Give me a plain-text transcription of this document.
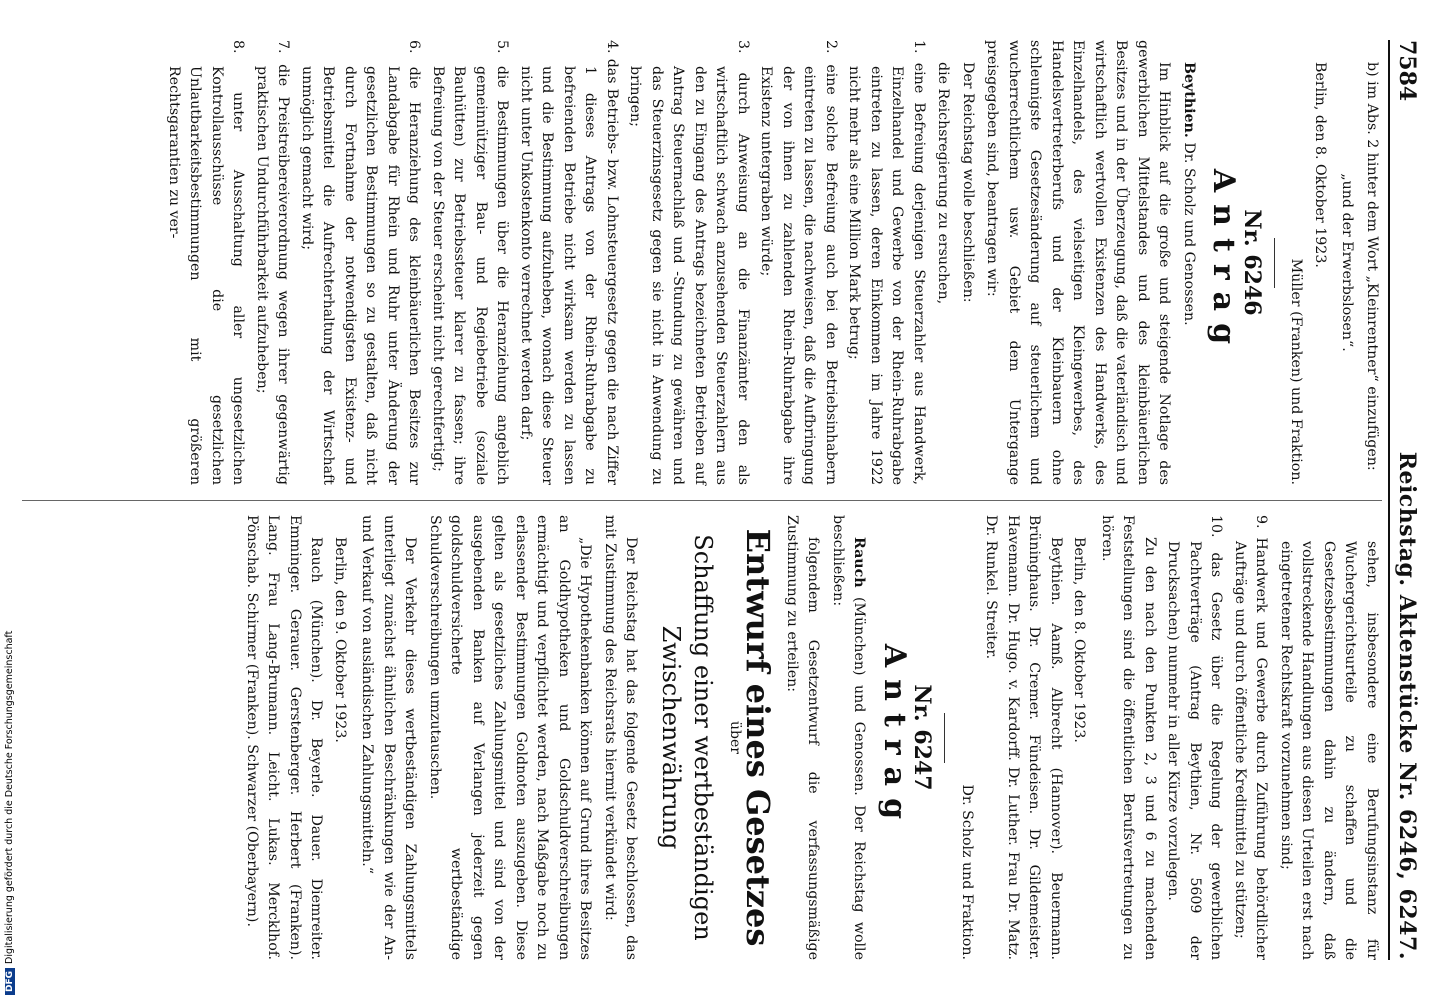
7584
Reichstag. Aktenstücke Nr. 6246, 6247.

b) im Abs. 2 hinter dem Wort „Kleinrentner“ einzufügen:

„und der Erwerbslosen“.

Berlin, den 8. Oktober 1923.

Müller (Franken) und Fraktion.

Nr. 6246
Antrag

Beythien. Dr. Scholz und Genossen.

Im Hinblick auf die große und steigende Notlage des gewerblichen Mittelstandes und des kleinbäuerlichen Besitzes und in der Überzeugung, daß die vaterländisch und wirtschaftlich wertvollen Existenzen des Handwerks, des Einzelhandels, des vielseitigen Kleingewerbes, des Handelsvertreterberufs und der Kleinbauern ohne schleunigste Gesetzesänderung auf steuerlichem und wucherrechtlichem usw. Gebiet dem Untergange preisgegeben sind, beantragen wir:

Der Reichstag wolle beschließen:

die Reichsregierung zu ersuchen,

1. eine Befreiung derjenigen Steuerzahler aus Handwerk, Einzelhandel und Gewerbe von der Rhein-Ruhrabgabe eintreten zu lassen, deren Einkommen im Jahre 1922 nicht mehr als eine Million Mark betrug;
2. eine solche Befreiung auch bei den Betriebsinhabern eintreten zu lassen, die nachweisen, daß die Aufbringung der von ihnen zu zahlenden Rhein-Ruhrabgabe ihre Existenz untergraben würde;
3. durch Anweisung an die Finanzämter den als wirtschaftlich schwach anzusehenden Steuerzahlern aus den zu Eingang des Antrags bezeichneten Betrieben auf Antrag Steuernachlaß und -Stundung zu gewähren und das Steuerzinsgesetz gegen sie nicht in Anwendung zu bringen;
4. das Betriebs- bzw. Lohnsteuergesetz gegen die nach Ziffer 1 dieses Antrags von der Rhein-Ruhrabgabe zu befreienden Betriebe nicht wirksam werden zu lassen und die Bestimmung aufzuheben, wonach diese Steuer nicht unter Unkostenkonto verrechnet werden darf;
5. die Bestimmungen über die Heranziehung angeblich gemeinnütziger Bau- und Regiebetriebe (soziale Bauhütten) zur Betriebssteuer klarer zu fassen; ihre Befreiung von der Steuer erscheint nicht gerechtfertigt;
6. die Heranziehung des kleinbäuerlichen Besitzes zur Landabgabe für Rhein und Ruhr unter Änderung der gesetzlichen Bestimmungen so zu gestalten, daß nicht durch Fortnahme der notwendigsten Existenz- und Betriebsmittel die Aufrechterhaltung der Wirtschaft unmöglich gemacht wird;
7. die Preistreibereiverordnung wegen ihrer gegenwärtig praktischen Undurchführbarkeit aufzuheben;
8. unter Ausschaltung aller ungesetzlichen Kontrollausschüsse die gesetzlichen Unlautbarkeitsbestimmungen mit größeren Rechtsgarantien zu ver-

sehen, insbesondere eine Berufungsinstanz für Wuchergerichtsurteile zu schaffen und die Gesetzesbestimmungen dahin zu ändern, daß vollstreckende Handlungen aus diesen Urteilen erst nach eingetretener Rechtskraft vorzunehmen sind;

9. Handwerk und Gewerbe durch Zuführung behördlicher Aufträge und durch öffentliche Kreditmittel zu stützen;
10. das Gesetz über die Regelung der gewerblichen Pachtverträge (Antrag Beythien, Nr. 5609 der Drucksachen) nunmehr in aller Kürze vorzulegen.

Zu den nach den Punkten 2, 3 und 6 zu machenden Feststellungen sind die öffentlichen Berufsvertretungen zu hören.

Berlin, den 8. Oktober 1923.

Beythien. Aamß. Albrecht (Hannover). Beuermann. Brüninghaus. Dr. Cremer. Fündeisen. Dr. Gildemeister. Havemann. Dr. Hugo. v. Kardorff. Dr. Luther. Frau Dr. Matz. Dr. Runkel. Streiter.

Dr. Scholz und Fraktion.

Nr. 6247
Antrag

Rauch (München) und Genossen. Der Reichstag wolle beschließen:

folgendem Gesetzentwurf die verfassungsmäßige Zustimmung zu erteilen:

Entwurf eines Gesetzes
über
Schaffung einer wertbeständigen Zwischenwährung

Der Reichstag hat das folgende Gesetz beschlossen, das mit Zustimmung des Reichsrats hiermit verkündet wird:

„Die Hypothekenbanken können auf Grund ihres Besitzes an Goldhypotheken und Goldschuldverschreibungen ermächtigt und verpflichtet werden, nach Maßgabe noch zu erlassender Bestimmungen Goldnoten auszugeben. Diese gelten als gesetzliches Zahlungsmittel und sind von der ausgebenden Banken auf Verlangen jederzeit gegen goldschuldversicherte wertbeständige Schuldverschreibungen umzutauschen.

Der Verkehr dieses wertbeständigen Zahlungsmittels unterliegt zunächst ähnlichen Beschränkungen wie der An- und Verkauf von ausländischen Zahlungsmitteln.“

Berlin, den 9. Oktober 1923.

Rauch (München). Dr. Beyerle. Dauer. Diemreiter. Emminger. Gerauer. Gerstenberger. Herbert (Franken). Lang. Frau Lang-Brumann. Leicht. Lukas. Mercklhof. Pönschab. Schirmer (Franken). Schwarzer (Oberbayern).

DFGDigitalisierung gefördert durch die Deutsche Forschungsgemeinschaft
